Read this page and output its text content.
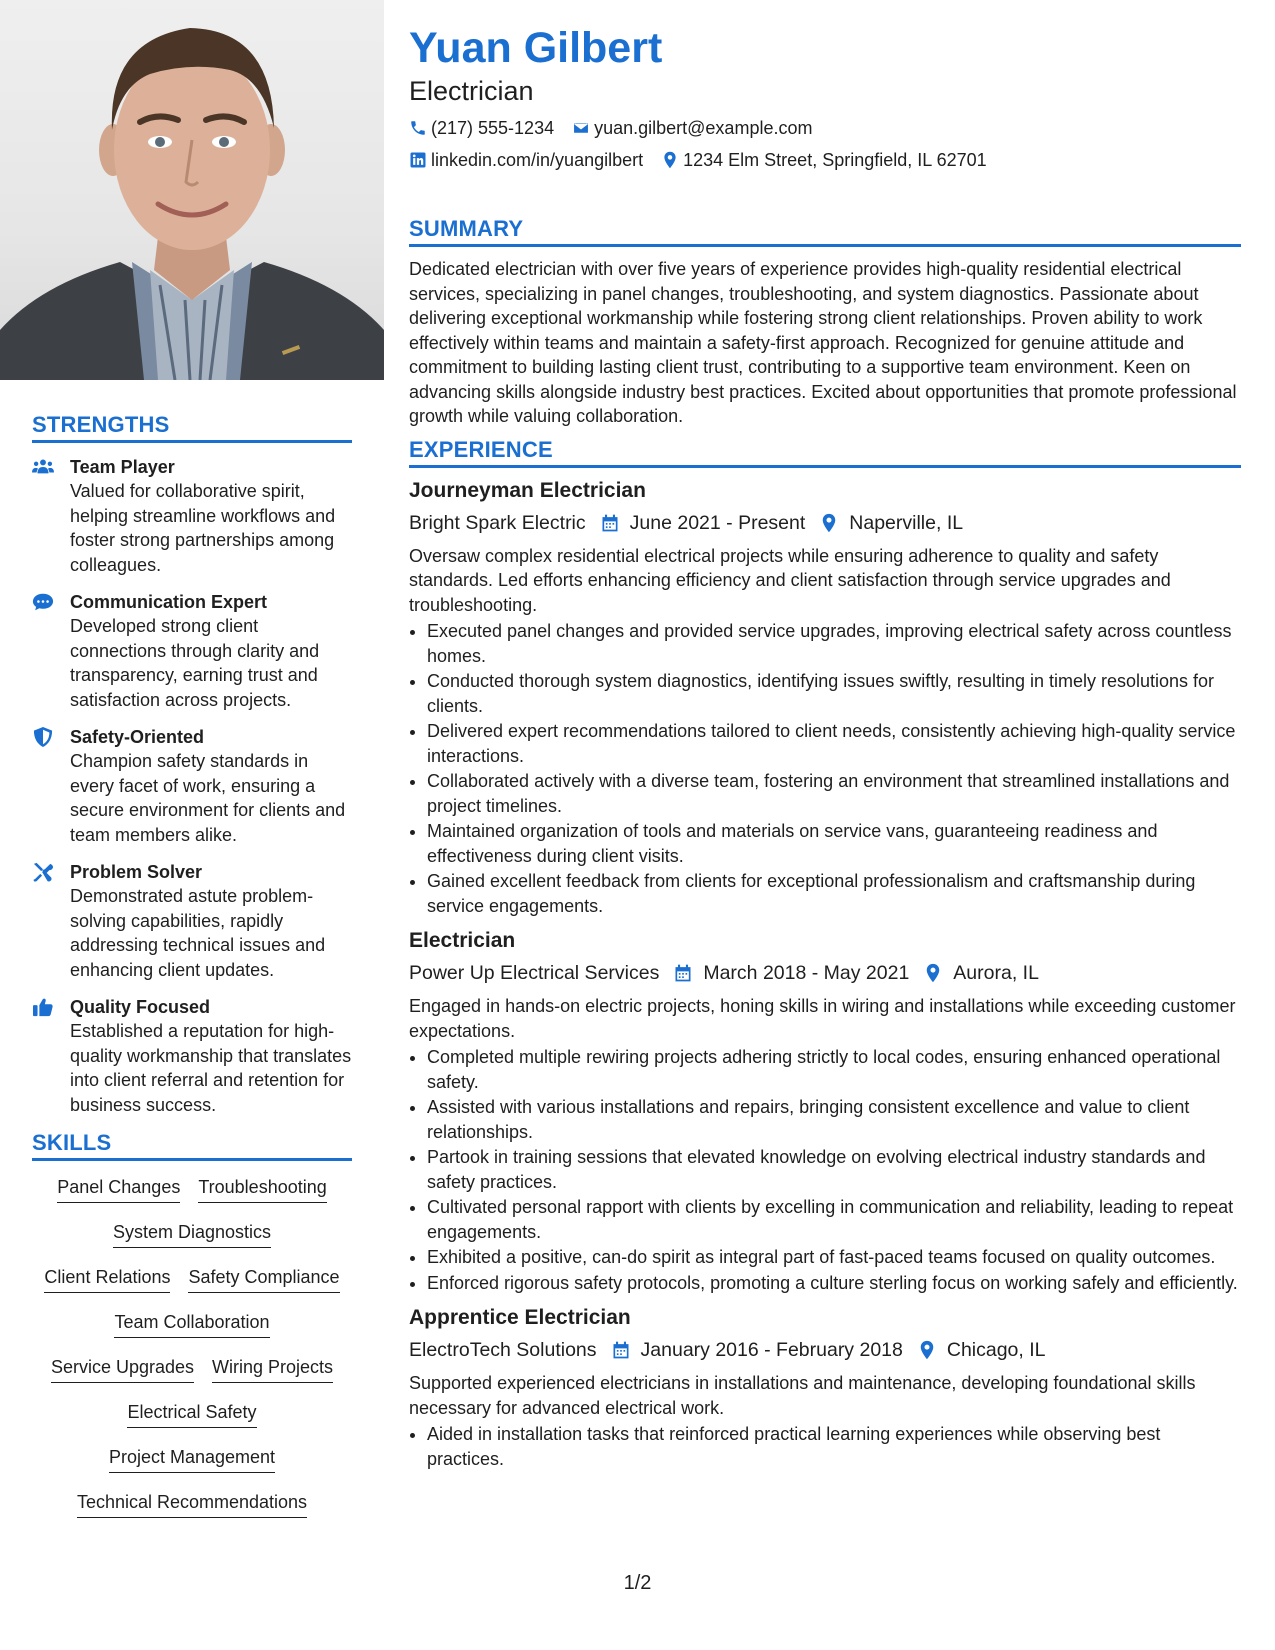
STRENGTHS
Team Player
Valued for collaborative spirit, helping streamline workflows and foster strong partnerships among colleagues.
Communication Expert
Developed strong client connections through clarity and transparency, earning trust and satisfaction across projects.
Safety-Oriented
Champion safety standards in every facet of work, ensuring a secure environment for clients and team members alike.
Problem Solver
Demonstrated astute problem-solving capabilities, rapidly addressing technical issues and enhancing client updates.
Quality Focused
Established a reputation for high-quality workmanship that translates into client referral and retention for business success.
SKILLS
Panel Changes Troubleshooting
System Diagnostics
Client Relations Safety Compliance
Team Collaboration
Service Upgrades Wiring Projects
Electrical Safety
Project Management
Technical Recommendations
Yuan Gilbert
Electrician
(217) 555-1234 yuan.gilbert@example.com
linkedin.com/in/yuangilbert 1234 Elm Street, Springfield, IL 62701
SUMMARY

Dedicated electrician with over five years of experience provides high-quality residential electrical services, specializing in panel changes, troubleshooting, and system diagnostics. Passionate about delivering exceptional workmanship while fostering strong client relationships. Proven ability to work effectively within teams and maintain a safety-first approach. Recognized for genuine attitude and commitment to building lasting client trust, contributing to a supportive team environment. Keen on advancing skills alongside industry best practices. Excited about opportunities that promote professional growth while valuing collaboration.

EXPERIENCE
Journeyman Electrician
Bright Spark Electric June 2021 - Present Naperville, IL

Oversaw complex residential electrical projects while ensuring adherence to quality and safety standards. Led efforts enhancing efficiency and client satisfaction through service upgrades and troubleshooting.

• Executed panel changes and provided service upgrades, improving electrical safety across countless homes.
• Conducted thorough system diagnostics, identifying issues swiftly, resulting in timely resolutions for clients.
• Delivered expert recommendations tailored to client needs, consistently achieving high-quality service interactions.
• Collaborated actively with a diverse team, fostering an environment that streamlined installations and project timelines.
• Maintained organization of tools and materials on service vans, guaranteeing readiness and effectiveness during client visits.
• Gained excellent feedback from clients for exceptional professionalism and craftsmanship during service engagements.
Electrician
Power Up Electrical Services March 2018 - May 2021 Aurora, IL

Engaged in hands-on electric projects, honing skills in wiring and installations while exceeding customer expectations.

• Completed multiple rewiring projects adhering strictly to local codes, ensuring enhanced operational safety.
• Assisted with various installations and repairs, bringing consistent excellence and value to client relationships.
• Partook in training sessions that elevated knowledge on evolving electrical industry standards and safety practices.
• Cultivated personal rapport with clients by excelling in communication and reliability, leading to repeat engagements.
• Exhibited a positive, can-do spirit as integral part of fast-paced teams focused on quality outcomes.
• Enforced rigorous safety protocols, promoting a culture sterling focus on working safely and efficiently.
Apprentice Electrician
ElectroTech Solutions January 2016 - February 2018 Chicago, IL

Supported experienced electricians in installations and maintenance, developing foundational skills necessary for advanced electrical work.

• Aided in installation tasks that reinforced practical learning experiences while observing best practices.
1/2
